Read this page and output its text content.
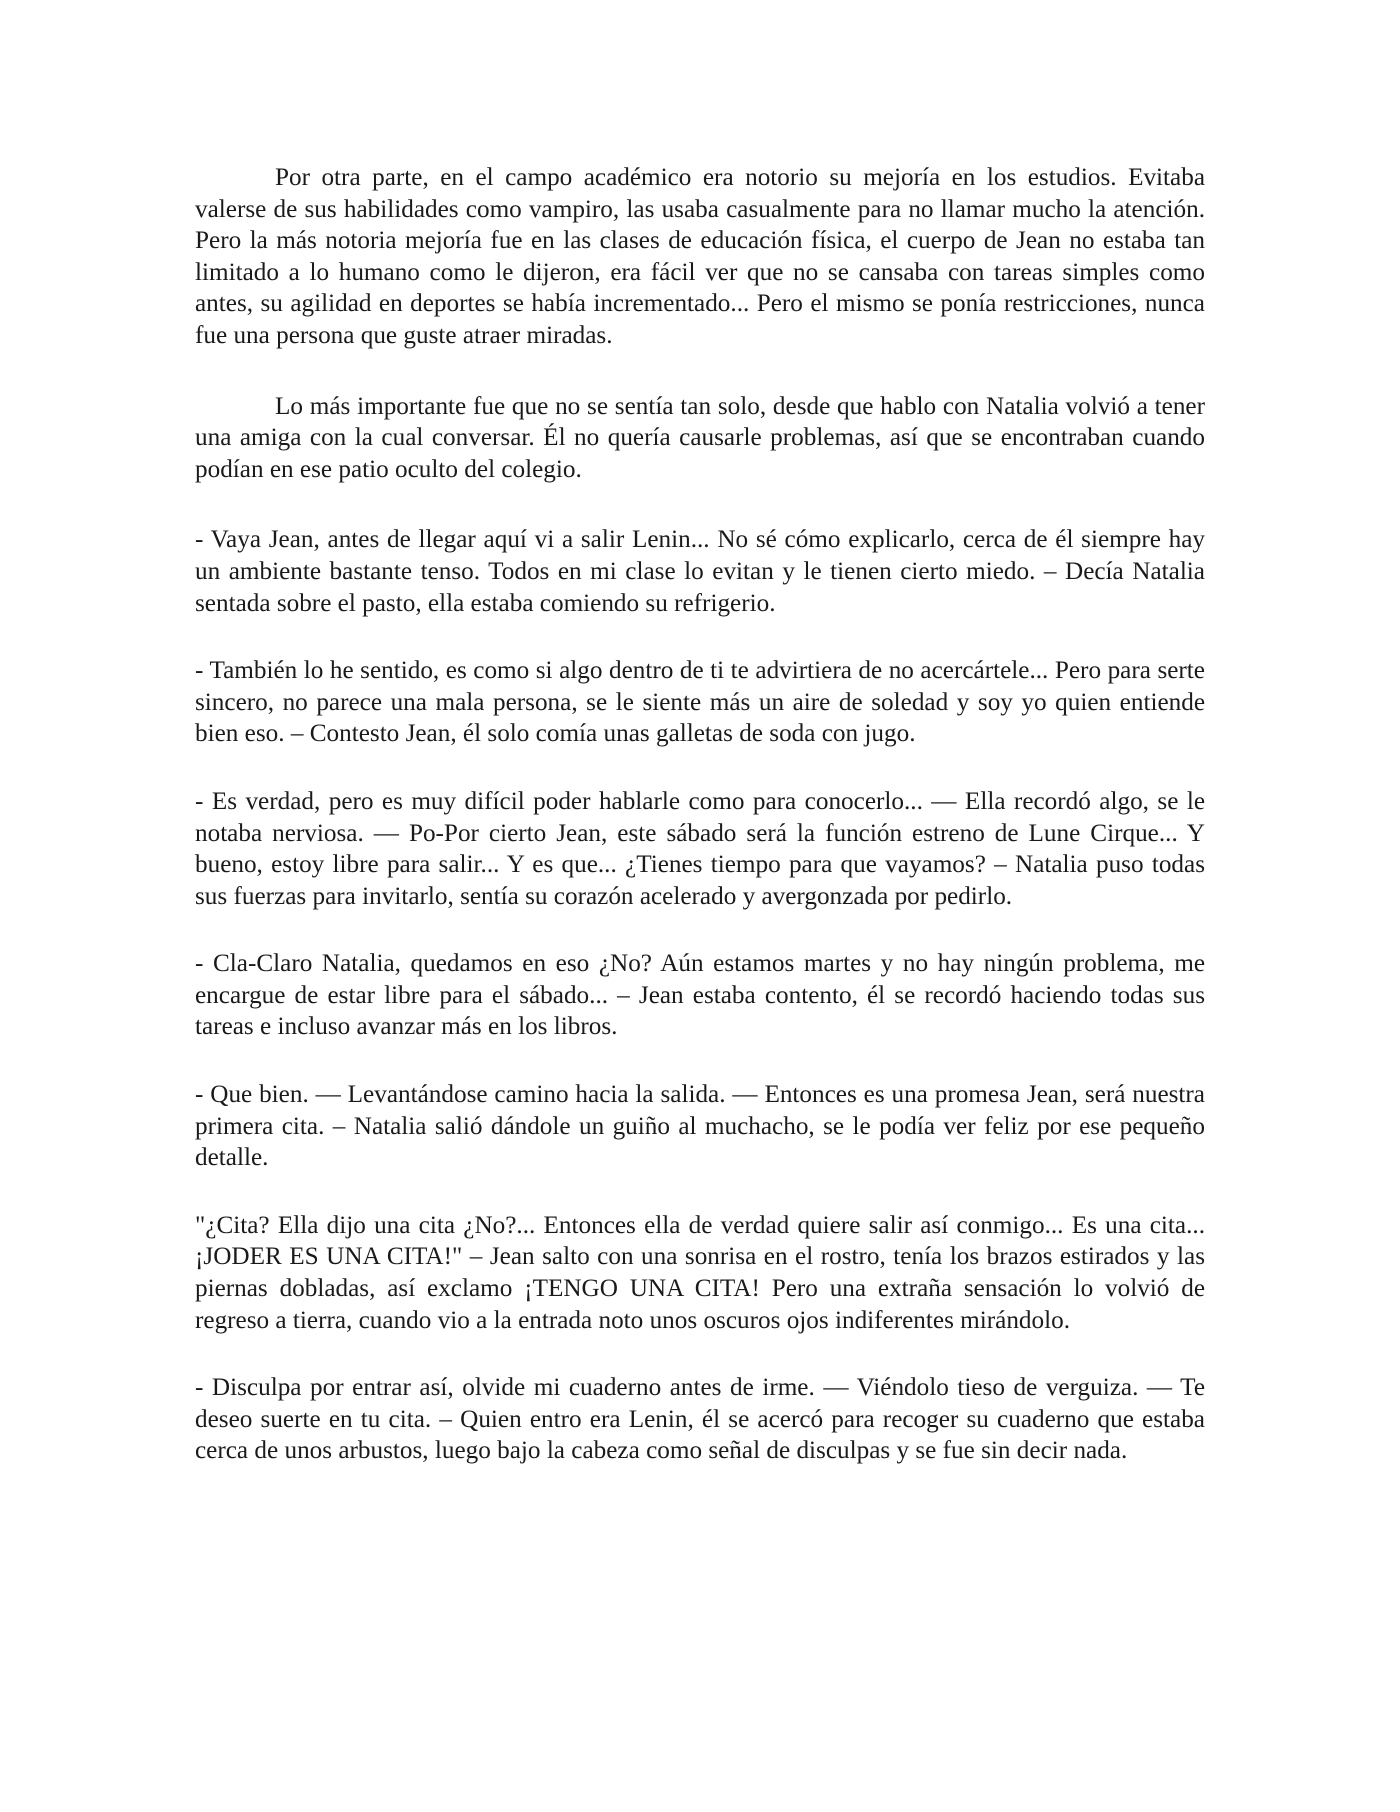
Por otra parte, en el campo académico era notorio su mejoría en los estudios. Evitaba valerse de sus habilidades como vampiro, las usaba casualmente para no llamar mucho la atención. Pero la más notoria mejoría fue en las clases de educación física, el cuerpo de Jean no estaba tan limitado a lo humano como le dijeron, era fácil ver que no se cansaba con tareas simples como antes, su agilidad en deportes se había incrementado... Pero el mismo se ponía restricciones, nunca fue una persona que guste atraer miradas.

Lo más importante fue que no se sentía tan solo, desde que hablo con Natalia volvió a tener una amiga con la cual conversar. Él no quería causarle problemas, así que se encontraban cuando podían en ese patio oculto del colegio.

- Vaya Jean, antes de llegar aquí vi a salir Lenin... No sé cómo explicarlo, cerca de él siempre hay un ambiente bastante tenso. Todos en mi clase lo evitan y le tienen cierto miedo. – Decía Natalia sentada sobre el pasto, ella estaba comiendo su refrigerio.

- También lo he sentido, es como si algo dentro de ti te advirtiera de no acercártele... Pero para serte sincero, no parece una mala persona, se le siente más un aire de soledad y soy yo quien entiende bien eso. – Contesto Jean, él solo comía unas galletas de soda con jugo.

- Es verdad, pero es muy difícil poder hablarle como para conocerlo... — Ella recordó algo, se le notaba nerviosa. — Po-Por cierto Jean, este sábado será la función estreno de Lune Cirque... Y bueno, estoy libre para salir... Y es que... ¿Tienes tiempo para que vayamos? – Natalia puso todas sus fuerzas para invitarlo, sentía su corazón acelerado y avergonzada por pedirlo.

- Cla-Claro Natalia, quedamos en eso ¿No? Aún estamos martes y no hay ningún problema, me encargue de estar libre para el sábado... – Jean estaba contento, él se recordó haciendo todas sus tareas e incluso avanzar más en los libros.

- Que bien. — Levantándose camino hacia la salida. — Entonces es una promesa Jean, será nuestra primera cita. – Natalia salió dándole un guiño al muchacho, se le podía ver feliz por ese pequeño detalle.

"¿Cita? Ella dijo una cita ¿No?... Entonces ella de verdad quiere salir así conmigo... Es una cita... ¡JODER ES UNA CITA!" – Jean salto con una sonrisa en el rostro, tenía los brazos estirados y las piernas dobladas, así exclamo ¡TENGO UNA CITA! Pero una extraña sensación lo volvió de regreso a tierra, cuando vio a la entrada noto unos oscuros ojos indiferentes mirándolo.

- Disculpa por entrar así, olvide mi cuaderno antes de irme. — Viéndolo tieso de verguiza. — Te deseo suerte en tu cita. – Quien entro era Lenin, él se acercó para recoger su cuaderno que estaba cerca de unos arbustos, luego bajo la cabeza como señal de disculpas y se fue sin decir nada.
